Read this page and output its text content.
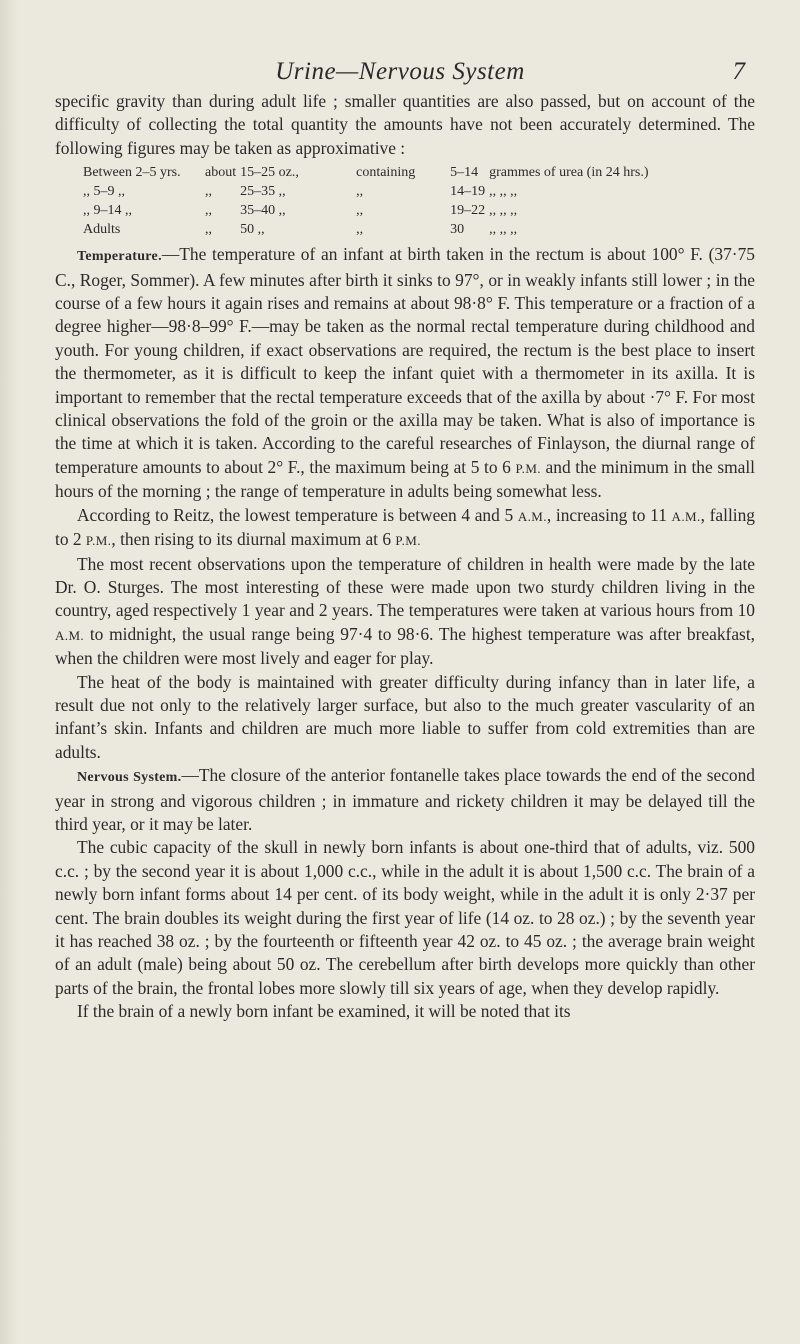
Urine—Nervous System	7

specific gravity than during adult life ; smaller quantities are also passed, but on account of the difficulty of collecting the total quantity the amounts have not been accurately determined. The following figures may be taken as approximative :

Between 2–5 yrs.	about	15–25 oz.,	containing	5–14	grammes of urea (in 24 hrs.)
,, 5–9 ,,	,,	25–35 ,,	,,	14–19	,, ,, ,,
,, 9–14 ,,	,,	35–40 ,,	,,	19–22	,, ,, ,,
Adults	,,	50 ,,	,,	30	,, ,, ,,

Temperature.—The temperature of an infant at birth taken in the rectum is about 100° F. (37·75 C., Roger, Sommer). A few minutes after birth it sinks to 97°, or in weakly infants still lower ; in the course of a few hours it again rises and remains at about 98·8° F. This temperature or a fraction of a degree higher—98·8–99° F.—may be taken as the normal rectal temperature during childhood and youth. For young children, if exact observations are required, the rectum is the best place to insert the thermometer, as it is difficult to keep the infant quiet with a thermometer in its axilla. It is important to remember that the rectal temperature exceeds that of the axilla by about ·7° F. For most clinical observations the fold of the groin or the axilla may be taken. What is also of importance is the time at which it is taken. According to the careful researches of Finlayson, the diurnal range of temperature amounts to about 2° F., the maximum being at 5 to 6 P.M. and the minimum in the small hours of the morning ; the range of temperature in adults being somewhat less.

According to Reitz, the lowest temperature is between 4 and 5 A.M., increasing to 11 A.M., falling to 2 P.M., then rising to its diurnal maximum at 6 P.M.

The most recent observations upon the temperature of children in health were made by the late Dr. O. Sturges. The most interesting of these were made upon two sturdy children living in the country, aged respectively 1 year and 2 years. The temperatures were taken at various hours from 10 A.M. to midnight, the usual range being 97·4 to 98·6. The highest temperature was after breakfast, when the children were most lively and eager for play.

The heat of the body is maintained with greater difficulty during infancy than in later life, a result due not only to the relatively larger surface, but also to the much greater vascularity of an infant’s skin. Infants and children are much more liable to suffer from cold extremities than are adults.

Nervous System.—The closure of the anterior fontanelle takes place towards the end of the second year in strong and vigorous children ; in immature and rickety children it may be delayed till the third year, or it may be later.

The cubic capacity of the skull in newly born infants is about one-third that of adults, viz. 500 c.c. ; by the second year it is about 1,000 c.c., while in the adult it is about 1,500 c.c. The brain of a newly born infant forms about 14 per cent. of its body weight, while in the adult it is only 2·37 per cent. The brain doubles its weight during the first year of life (14 oz. to 28 oz.) ; by the seventh year it has reached 38 oz. ; by the fourteenth or fifteenth year 42 oz. to 45 oz. ; the average brain weight of an adult (male) being about 50 oz. The cerebellum after birth develops more quickly than other parts of the brain, the frontal lobes more slowly till six years of age, when they develop rapidly.

If the brain of a newly born infant be examined, it will be noted that its
